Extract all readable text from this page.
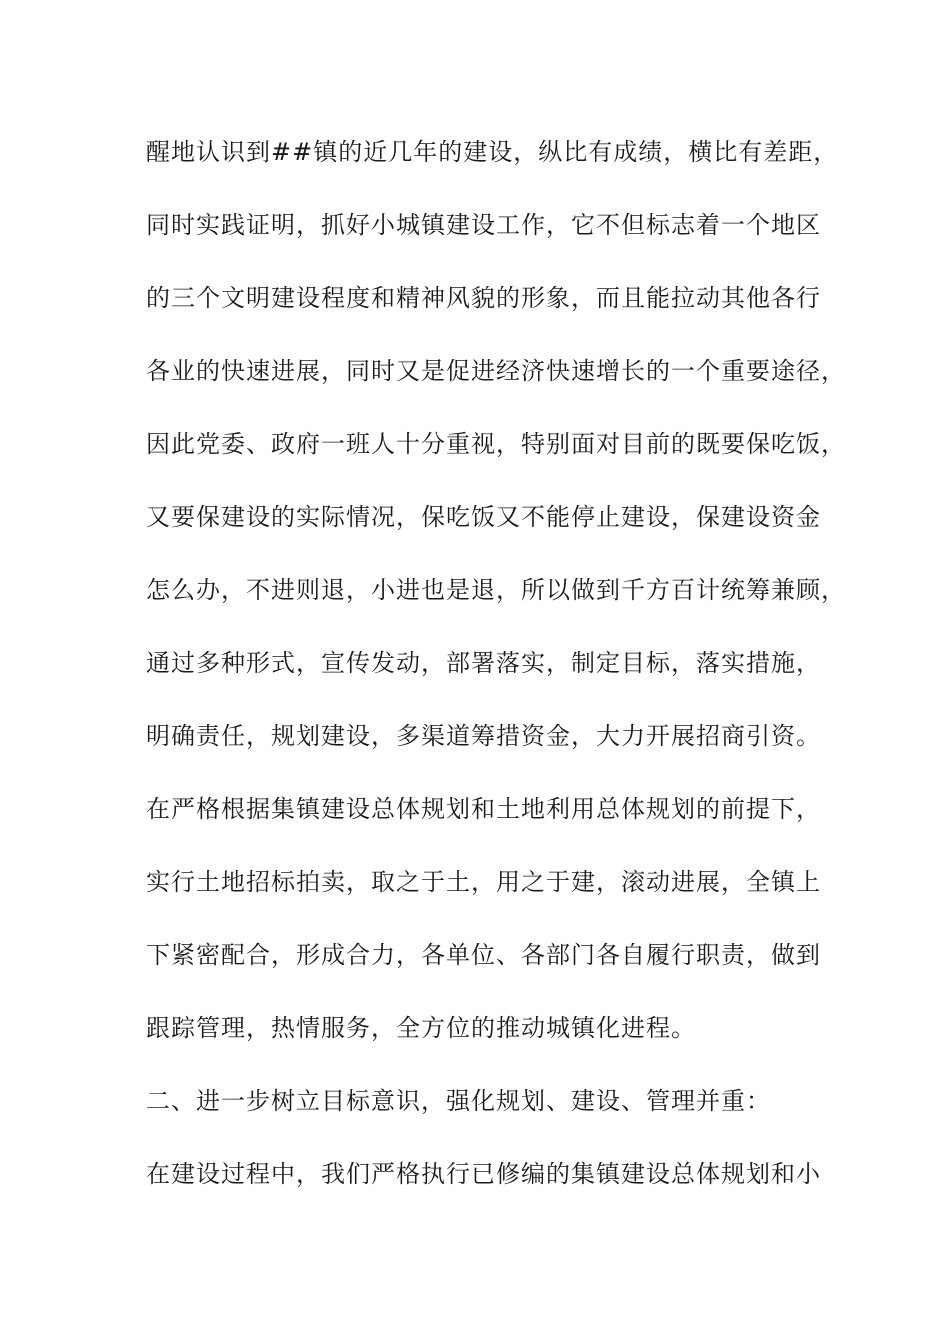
醒地认识到##镇的近几年的建设，纵比有成绩，横比有差距，
同时实践证明，抓好小城镇建设工作，它不但标志着一个地区
的三个文明建设程度和精神风貌的形象，而且能拉动其他各行
各业的快速进展，同时又是促进经济快速增长的一个重要途径，
因此党委、政府一班人十分重视，特别面对目前的既要保吃饭，
又要保建设的实际情况，保吃饭又不能停止建设，保建设资金
怎么办，不进则退，小进也是退，所以做到千方百计统筹兼顾，
通过多种形式，宣传发动，部署落实，制定目标，落实措施，
明确责任，规划建设，多渠道筹措资金，大力开展招商引资。
在严格根据集镇建设总体规划和土地利用总体规划的前提下，
实行土地招标拍卖，取之于土，用之于建，滚动进展，全镇上
下紧密配合，形成合力，各单位、各部门各自履行职责，做到
跟踪管理，热情服务，全方位的推动城镇化进程。
二、进一步树立目标意识，强化规划、建设、管理并重：
在建设过程中，我们严格执行已修编的集镇建设总体规划和小
